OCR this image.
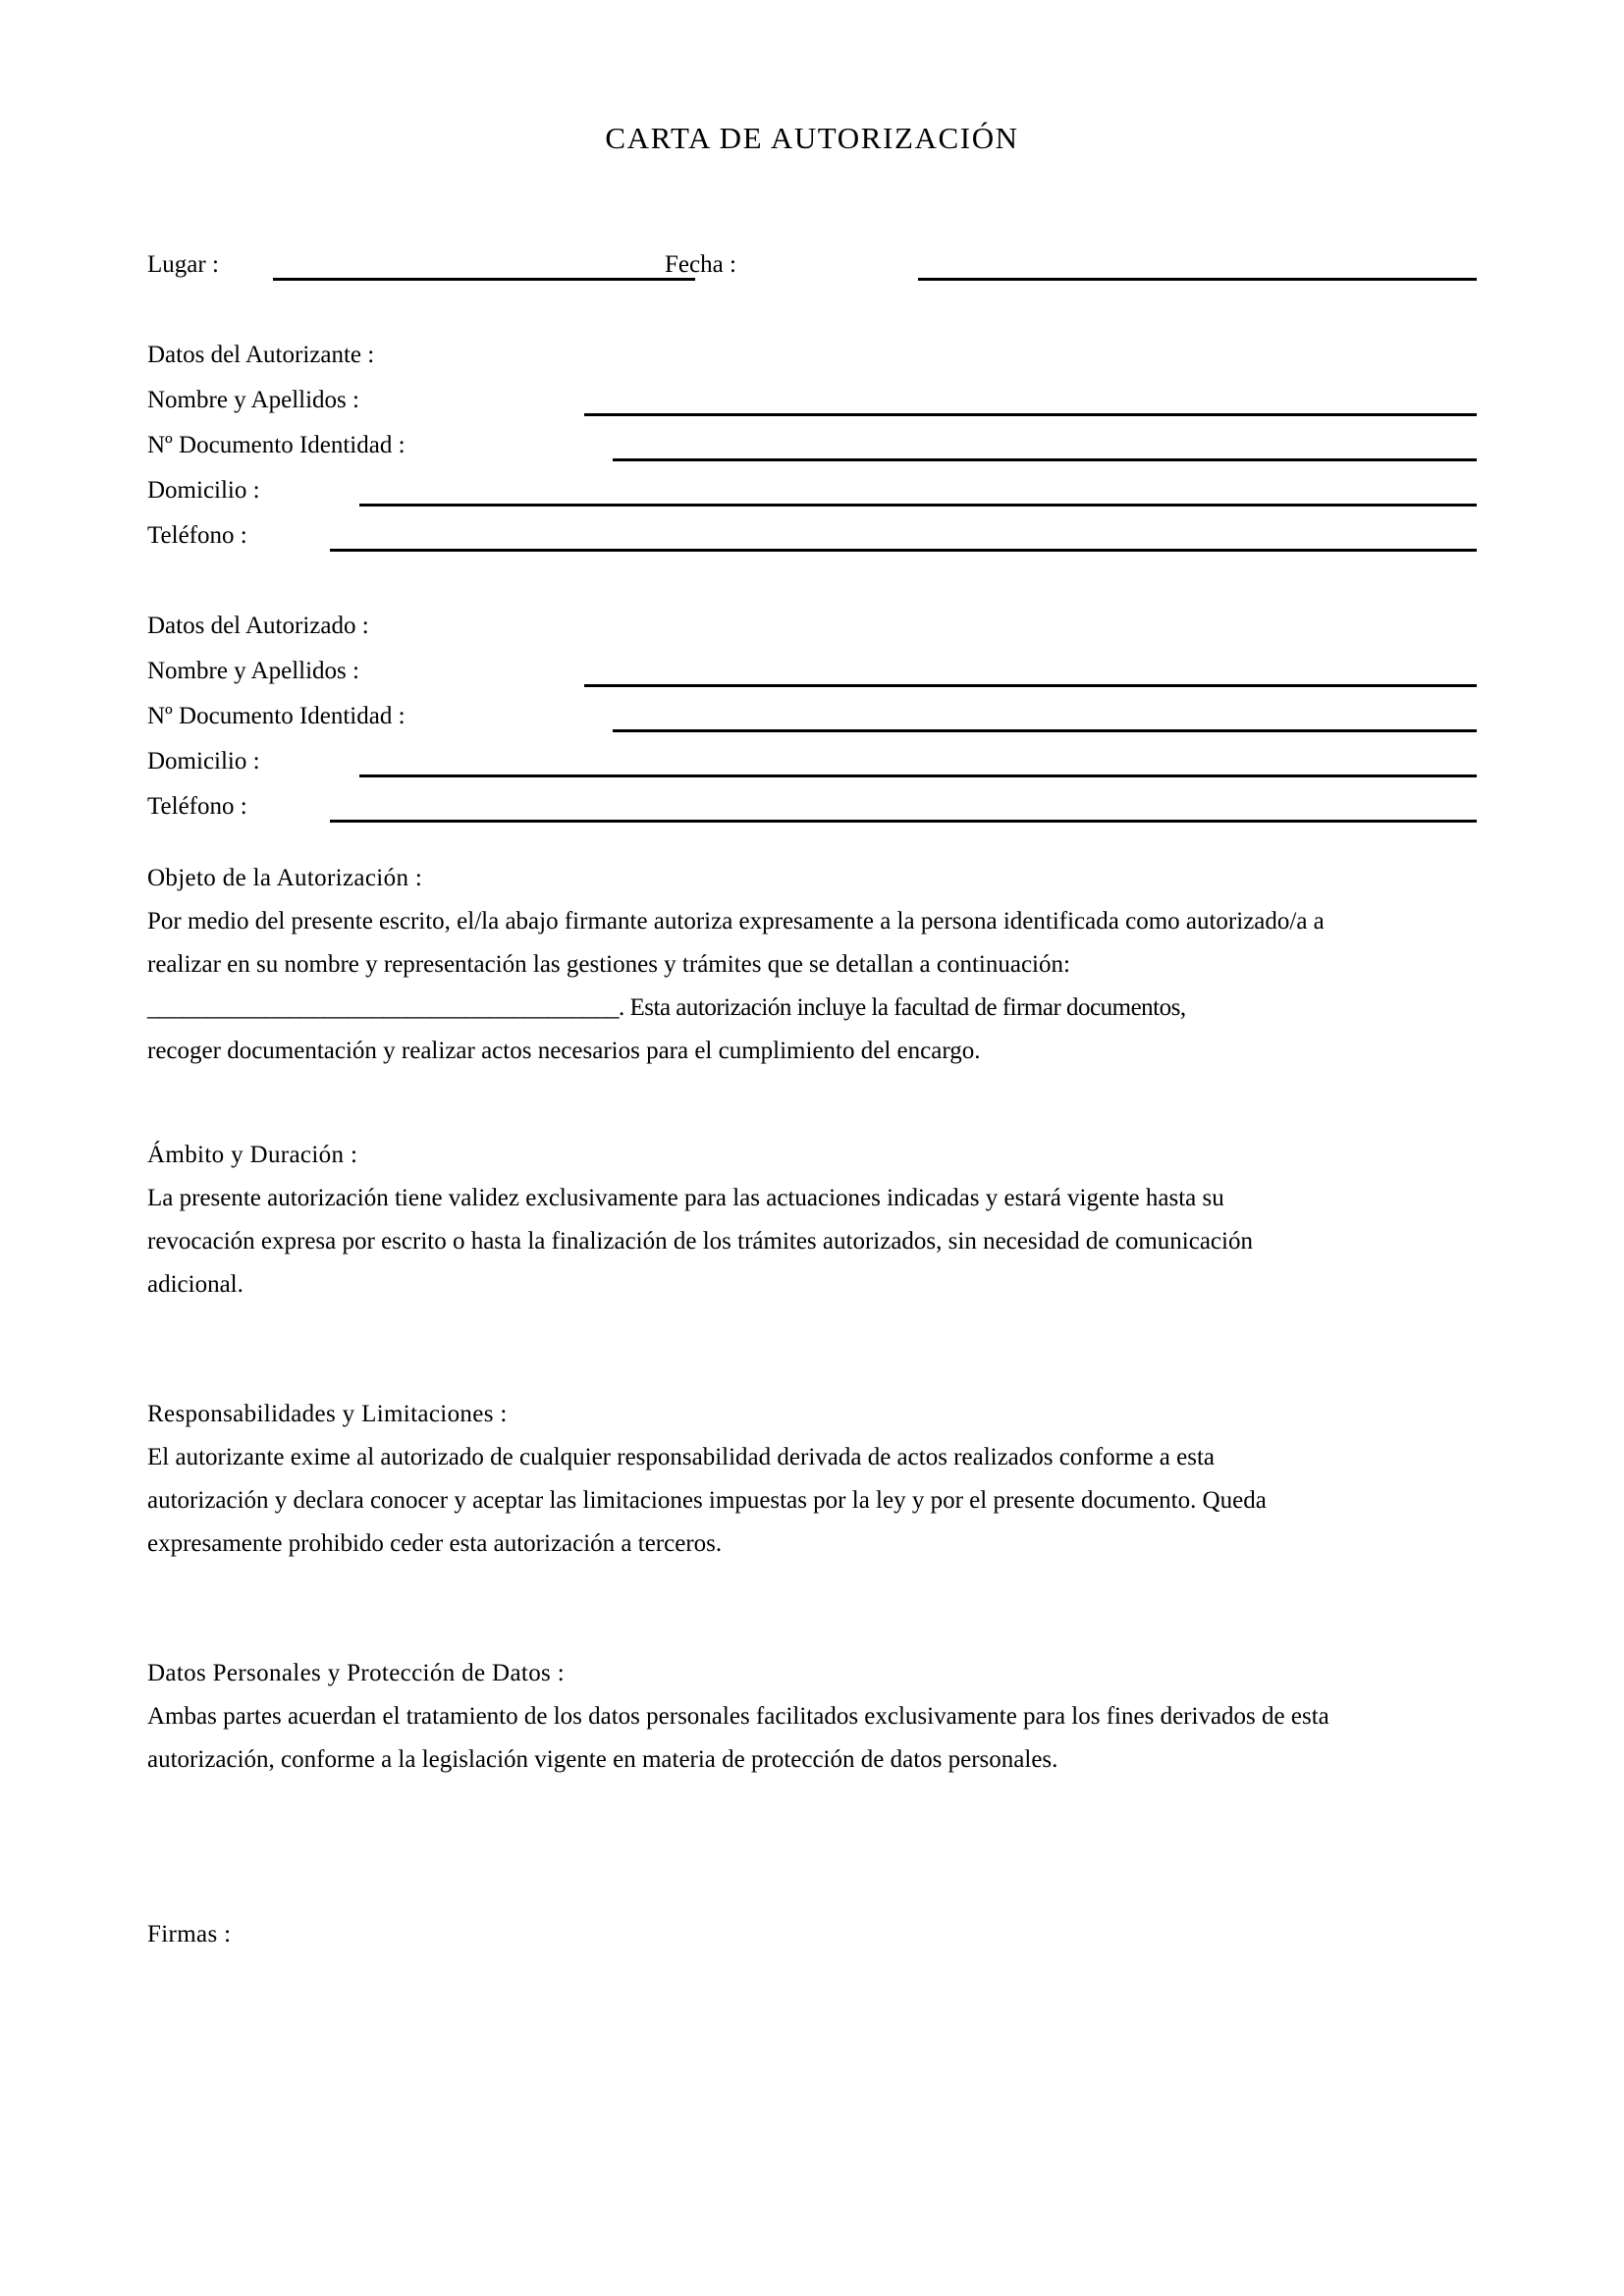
CARTA DE AUTORIZACIÓN
Lugar :	Fecha :
Datos del Autorizante :
Nombre y Apellidos :
Nº Documento Identidad :
Domicilio :
Teléfono :
Datos del Autorizado :
Nombre y Apellidos :
Nº Documento Identidad :
Domicilio :
Teléfono :
Objeto de la Autorización :
Por medio del presente escrito, el/la abajo firmante autoriza expresamente a la persona identificada como autorizado/a a
realizar en su nombre y representación las gestiones y trámites que se detallan a continuación:
________________________________________. Esta autorización incluye la facultad de firmar documentos,
recoger documentación y realizar actos necesarios para el cumplimiento del encargo.
Ámbito y Duración :
La presente autorización tiene validez exclusivamente para las actuaciones indicadas y estará vigente hasta su
revocación expresa por escrito o hasta la finalización de los trámites autorizados, sin necesidad de comunicación
adicional.
Responsabilidades y Limitaciones :
El autorizante exime al autorizado de cualquier responsabilidad derivada de actos realizados conforme a esta
autorización y declara conocer y aceptar las limitaciones impuestas por la ley y por el presente documento. Queda
expresamente prohibido ceder esta autorización a terceros.
Datos Personales y Protección de Datos :
Ambas partes acuerdan el tratamiento de los datos personales facilitados exclusivamente para los fines derivados de esta
autorización, conforme a la legislación vigente en materia de protección de datos personales.
Firmas :
